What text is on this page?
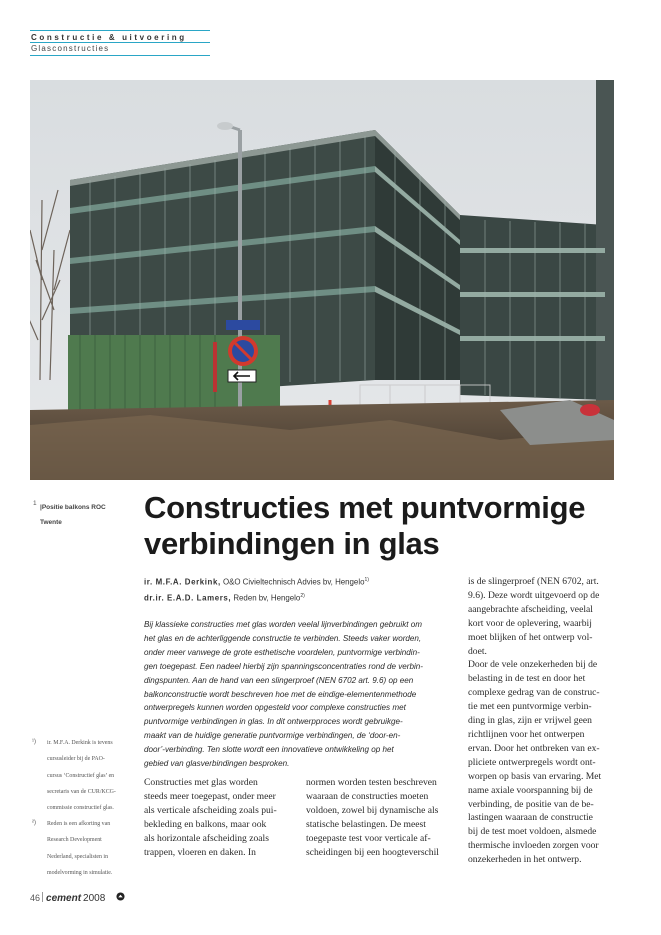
Constructie & uitvoering
Glasconstructies
1
|Positie balkons ROC
Twente	Constructies met puntvormige
verbindingen in glas
ir. M.F.A. Derkink, O&O Civieltechnisch Advies bv, Hengelo$^{1)}$
dr.ir. E.A.D. Lamers, Reden bv, Hengelo$^{2)}$
Bij klassieke constructies met glas worden veelal lijnverbindingen gebruikt om
het glas en de achterliggende constructie te verbinden. Steeds vaker worden,
onder meer vanwege de grote esthetische voordelen, puntvormige verbindin-
gen toegepast. Een nadeel hierbij zijn spanningsconcentraties rond de verbin-
dingspunten. Aan de hand van een slingerproef (NEN 6702 art. 9.6) op een
balkonconstructie wordt beschreven hoe met de eindige-elementenmethode
ontwerpregels kunnen worden opgesteld voor complexe constructies met
puntvormige verbindingen in glas. In dit ontwerpproces wordt gebruikge-
maakt van de huidige generatie puntvormige verbindingen, de ‘door-en-
door’-verbinding. Ten slotte wordt een innovatieve ontwikkeling op het
gebied van glasverbindingen besproken.
Constructies met glas worden
steeds meer toegepast, onder meer
als verticale afscheiding zoals pui-
bekleding en balkons, maar ook
als horizontale afscheiding zoals
trappen, vloeren en daken. In
normen worden testen beschreven
waaraan de constructies moeten
voldoen, zowel bij dynamische als
statische belastingen. De meest
toegepaste test voor verticale af-
scheidingen bij een hoogteverschil
is de slingerproef (NEN 6702, art.
9.6). Deze wordt uitgevoerd op de
aangebrachte afscheiding, veelal
kort voor de oplevering, waarbij
moet blijken of het ontwerp vol-
doet.
Door de vele onzekerheden bij de
belasting in de test en door het
complexe gedrag van de construc-
tie met een puntvormige verbin-
ding in glas, zijn er vrijwel geen
richtlijnen voor het ontwerpen
ervan. Door het ontbreken van ex-
pliciete ontwerpregels wordt ont-
worpen op basis van ervaring. Met
name axiale voorspanning bij de
verbinding, de positie van de be-
lastingen waaraan de constructie
bij de test moet voldoen, alsmede
thermische invloeden zorgen voor
onzekerheden in het ontwerp.
¹) ir. M.F.A. Derkink is tevens
cursusleider bij de PAO-
cursus ‘Constructief glas’ en
secretaris van de CUR/KCG-
commissie constructief glas.
²) Reden is een afkorting van
Research Development
Nederland, specialisten in
modelvorming in simulatie.
46 cement 2008
